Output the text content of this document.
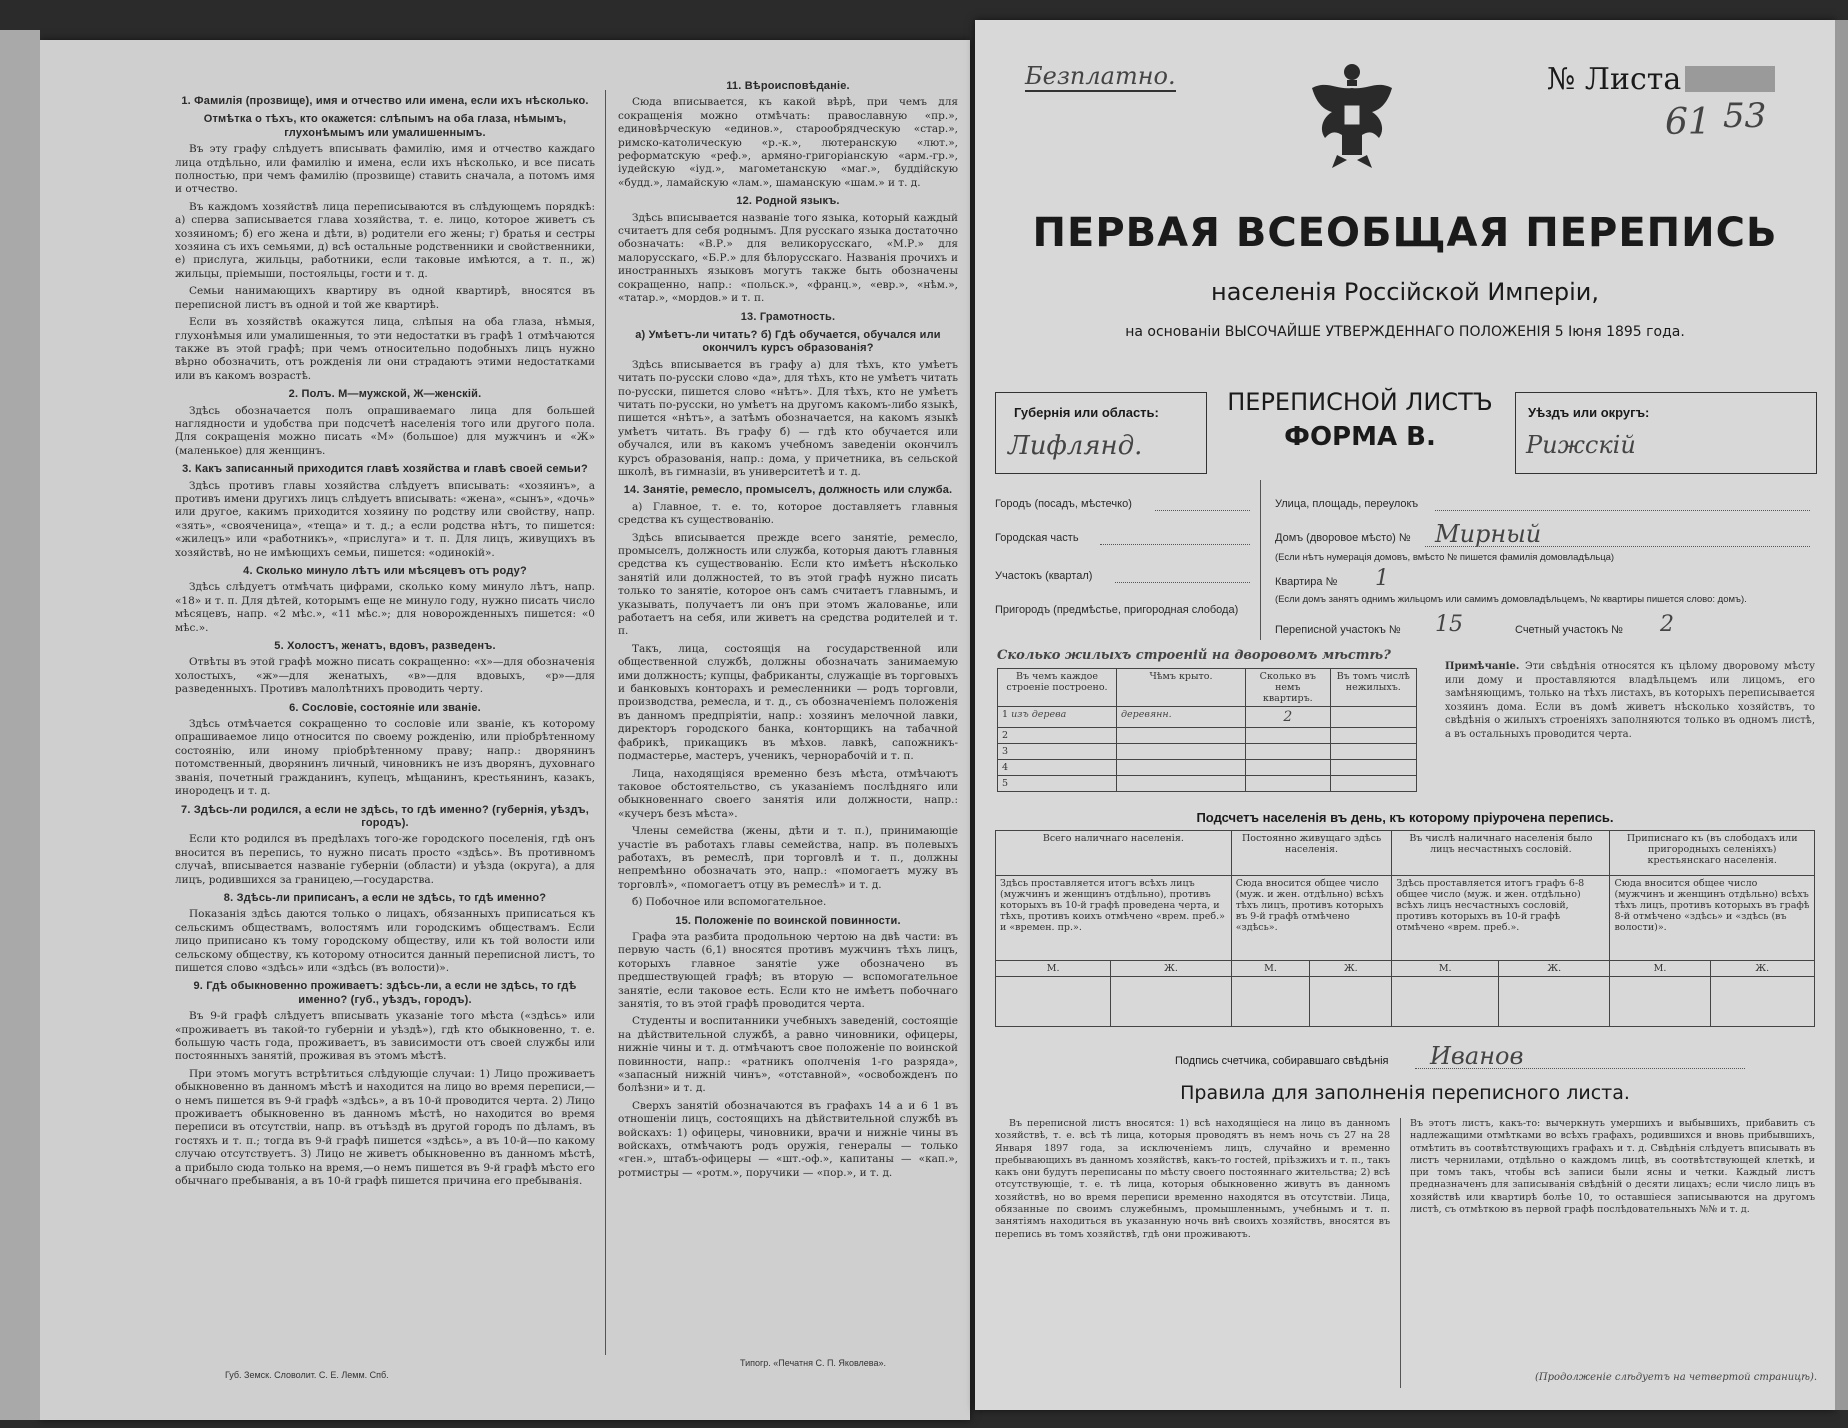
1. Фамилія (прозвище), имя и отчество или имена, если ихъ нѣсколько.
Отмѣтка о тѣхъ, кто окажется: слѣпымъ на оба глаза, нѣмымъ, глухонѣмымъ или умалишеннымъ.

Въ эту графу слѣдуетъ вписывать фамилію, имя и отчество каждаго лица отдѣльно, или фамилію и имена, если ихъ нѣсколько, и все писать полностью, при чемъ фамилію (прозвище) ставить сначала, а потомъ имя и отчество.

Въ каждомъ хозяйствѣ лица переписываются въ слѣдующемъ порядкѣ: а) сперва записывается глава хозяйства, т. е. лицо, которое живетъ съ хозяиномъ; б) его жена и дѣти, в) родители его жены; г) братья и сестры хозяина съ ихъ семьями, д) всѣ остальные родственники и свойственники, е) прислуга, жильцы, работники, если таковые имѣются, а т. п., ж) жильцы, пріемыши, постояльцы, гости и т. д.

Семьи нанимающихъ квартиру въ одной квартирѣ, вносятся въ переписной листъ въ одной и той же квартирѣ.

Если въ хозяйствѣ окажутся лица, слѣпыя на оба глаза, нѣмыя, глухонѣмыя или умалишенныя, то эти недостатки въ графѣ 1 отмѣчаются также въ этой графѣ; при чемъ относительно подобныхъ лицъ нужно вѣрно обозначить, отъ рожденія ли они страдаютъ этими недостатками или въ какомъ возрастѣ.

2. Полъ. М—мужской, Ж—женскій.

Здѣсь обозначается полъ опрашиваемаго лица для большей наглядности и удобства при подсчетѣ населенія того или другого пола. Для сокращенія можно писать «М» (большое) для мужчинъ и «Ж» (маленькое) для женщинъ.

3. Какъ записанный приходится главѣ хозяйства и главѣ своей семьи?

Здѣсь противъ главы хозяйства слѣдуетъ вписывать: «хозяинъ», а противъ имени другихъ лицъ слѣдуетъ вписывать: «жена», «сынъ», «дочь» или другое, какимъ приходится хозяину по родству или свойству, напр. «зять», «свояченица», «теща» и т. д.; а если родства нѣтъ, то пишется: «жилецъ» или «работникъ», «прислуга» и т. п. Для лицъ, живущихъ въ хозяйствѣ, но не имѣющихъ семьи, пишется: «одинокій».

4. Сколько минуло лѣтъ или мѣсяцевъ отъ роду?

Здѣсь слѣдуетъ отмѣчать цифрами, сколько кому минуло лѣтъ, напр. «18» и т. п. Для дѣтей, которымъ еще не минуло году, нужно писать число мѣсяцевъ, напр. «2 мѣс.», «11 мѣс.»; для новорожденныхъ пишется: «0 мѣс.».

5. Холостъ, женатъ, вдовъ, разведенъ.

Отвѣты въ этой графѣ можно писать сокращенно: «х»—для обозначенія холостыхъ, «ж»—для женатыхъ, «в»—для вдовыхъ, «р»—для разведенныхъ. Противъ малолѣтнихъ проводить черту.

6. Сословіе, состояніе или званіе.

Здѣсь отмѣчается сокращенно то сословіе или званіе, къ которому опрашиваемое лицо относится по своему рожденію, или пріобрѣтенному состоянію, или иному пріобрѣтенному праву; напр.: дворянинъ потомственный, дворянинъ личный, чиновникъ не изъ дворянъ, духовнаго званія, почетный гражданинъ, купецъ, мѣщанинъ, крестьянинъ, казакъ, инородецъ и т. д.

7. Здѣсь-ли родился, а если не здѣсь, то гдѣ именно? (губернія, уѣздъ, городъ).

Если кто родился въ предѣлахъ того-же городского поселенія, гдѣ онъ вносится въ перепись, то нужно писать просто «здѣсь». Въ противномъ случаѣ, вписывается названіе губерніи (области) и уѣзда (округа), а для лицъ, родившихся за границею,—государства.

8. Здѣсь-ли приписанъ, а если не здѣсь, то гдѣ именно?

Показанія здѣсь даются только о лицахъ, обязанныхъ приписаться къ сельскимъ обществамъ, волостямъ или городскимъ обществамъ. Если лицо приписано къ тому городскому обществу, или къ той волости или сельскому обществу, къ которому относится данный переписной листъ, то пишется слово «здѣсь» или «здѣсь (въ волости)».

9. Гдѣ обыкновенно проживаетъ: здѣсь-ли, а если не здѣсь, то гдѣ именно? (губ., уѣздъ, городъ).

Въ 9-й графѣ слѣдуетъ вписывать указаніе того мѣста («здѣсь» или «проживаетъ въ такой-то губерніи и уѣздѣ»), гдѣ кто обыкновенно, т. е. большую часть года, проживаетъ, въ зависимости отъ своей службы или постоянныхъ занятій, проживая въ этомъ мѣстѣ.

При этомъ могутъ встрѣтиться слѣдующіе случаи: 1) Лицо проживаетъ обыкновенно въ данномъ мѣстѣ и находится на лицо во время переписи,—о немъ пишется въ 9-й графѣ «здѣсь», а въ 10-й проводится черта. 2) Лицо проживаетъ обыкновенно въ данномъ мѣстѣ, но находится во время переписи въ отсутствіи, напр. въ отъѣздѣ въ другой городъ по дѣламъ, въ гостяхъ и т. п.; тогда въ 9-й графѣ пишется «здѣсь», а въ 10-й—по какому случаю отсутствуетъ. 3) Лицо не живетъ обыкновенно въ данномъ мѣстѣ, а прибыло сюда только на время,—о немъ пишется въ 9-й графѣ мѣсто его обычнаго пребыванія, а въ 10-й графѣ пишется причина его пребыванія.

11. Вѣроисповѣданіе.

Сюда вписывается, къ какой вѣрѣ, при чемъ для сокращенія можно отмѣчать: православную «пр.», единовѣрческую «единов.», старообрядческую «стар.», римско-католическую «р.-к.», лютеранскую «лют.», реформатскую «реф.», армяно-григоріанскую «арм.-гр.», іудейскую «іуд.», магометанскую «маг.», буддійскую «будд.», ламайскую «лам.», шаманскую «шам.» и т. д.

12. Родной языкъ.

Здѣсь вписывается названіе того языка, который каждый считаетъ для себя роднымъ. Для русскаго языка достаточно обозначать: «В.Р.» для великорусскаго, «М.Р.» для малорусскаго, «Б.Р.» для бѣлорусскаго. Названія прочихъ и иностранныхъ языковъ могутъ также быть обозначены сокращенно, напр.: «польск.», «франц.», «евр.», «нѣм.», «татар.», «мордов.» и т. п.

13. Грамотность.
а) Умѣетъ-ли читать? б) Гдѣ обучается, обучался или окончилъ курсъ образованія?

Здѣсь вписывается въ графу а) для тѣхъ, кто умѣетъ читать по-русски слово «да», для тѣхъ, кто не умѣетъ читать по-русски, пишется слово «нѣтъ». Для тѣхъ, кто не умѣетъ читать по-русски, но умѣетъ на другомъ какомъ-либо языкѣ, пишется «нѣтъ», а затѣмъ обозначается, на какомъ языкѣ умѣетъ читать. Въ графу б) — гдѣ кто обучается или обучался, или въ какомъ учебномъ заведеніи окончилъ курсъ образованія, напр.: дома, у причетника, въ сельской школѣ, въ гимназіи, въ университетѣ и т. д.

14. Занятіе, ремесло, промыселъ, должность или служба.

а) Главное, т. е. то, которое доставляетъ главныя средства къ существованію.

Здѣсь вписывается прежде всего занятіе, ремесло, промыселъ, должность или служба, которыя даютъ главныя средства къ существованію. Если кто имѣетъ нѣсколько занятій или должностей, то въ этой графѣ нужно писать только то занятіе, которое онъ самъ считаетъ главнымъ, и указывать, получаетъ ли онъ при этомъ жалованье, или работаетъ на себя, или живетъ на средства родителей и т. п.

Такъ, лица, состоящія на государственной или общественной службѣ, должны обозначать занимаемую ими должность; купцы, фабриканты, служащіе въ торговыхъ и банковыхъ конторахъ и ремесленники — родъ торговли, производства, ремесла, и т. д., съ обозначеніемъ положенія въ данномъ предпріятіи, напр.: хозяинъ мелочной лавки, директоръ городского банка, конторщикъ на табачной фабрикѣ, прикащикъ въ мѣхов. лавкѣ, сапожникъ-подмастерье, мастеръ, ученикъ, чернорабочій и т. п.

Лица, находящіяся временно безъ мѣста, отмѣчаютъ таковое обстоятельство, съ указаніемъ послѣдняго или обыкновеннаго своего занятія или должности, напр.: «кучеръ безъ мѣста».

Члены семейства (жены, дѣти и т. п.), принимающіе участіе въ работахъ главы семейства, напр. въ полевыхъ работахъ, въ ремеслѣ, при торговлѣ и т. п., должны непремѣнно обозначать это, напр.: «помогаетъ мужу въ торговлѣ», «помогаетъ отцу въ ремеслѣ» и т. д.

б) Побочное или вспомогательное.

15. Положеніе по воинской повинности.

Графа эта разбита продольною чертою на двѣ части: въ первую часть (6,1) вносятся противъ мужчинъ тѣхъ лицъ, которыхъ главное занятіе уже обозначено въ предшествующей графѣ; въ вторую — вспомогательное занятіе, если таковое есть. Если кто не имѣетъ побочнаго занятія, то въ этой графѣ проводится черта.

Студенты и воспитанники учебныхъ заведеній, состоящіе на дѣйствительной службѣ, а равно чиновники, офицеры, нижніе чины и т. д. отмѣчаютъ свое положеніе по воинской повинности, напр.: «ратникъ ополченія 1-го разряда», «запасный нижній чинъ», «отставной», «освобожденъ по болѣзни» и т. д.

Сверхъ занятій обозначаются въ графахъ 14 а и 6 1 въ отношеніи лицъ, состоящихъ на дѣйствительной службѣ въ войскахъ: 1) офицеры, чиновники, врачи и нижніе чины въ войскахъ, отмѣчаютъ родъ оружія, генералы — только «ген.», штабъ-офицеры — «шт.-оф.», капитаны — «кап.», ротмистры — «ротм.», поручики — «пор.», и т. д.

Губ. Земск. Словолит. С. Е. Лемм. Спб.
Типогр. «Печатня С. П. Яковлева».
Безплатно.	№ Листа
61 53
ПЕРВАЯ ВСЕОБЩАЯ ПЕРЕПИСЬ
населенія Россійской Имперіи,
на основаніи ВЫСОЧАЙШЕ УТВЕРЖДЕННАГО ПОЛОЖЕНІЯ 5 Іюня 1895 года.
Губернія или область:
Лифлянд.
ПЕРЕПИСНОЙ ЛИСТЪ
ФОРМА В.
Уѣздъ или округъ:
Рижскій
Городъ (посадъ, мѣстечко)
Городская часть
Участокъ (квартал)
Пригородъ (предмѣстье, пригородная слобода)
Улица, площадь, переулокъ
Домъ (дворовое мѣсто) № Мирный
(Если нѣтъ нумерація домовъ, вмѣсто № пишется фамилія домовладѣльца)
Квартира № 1
(Если домъ занятъ однимъ жильцомъ или самимъ домовладѣльцемъ, № квартиры пишется слово: домъ).
Переписной участокъ № 15	Счетный участокъ № 2
Сколько жилыхъ строеній на дворовомъ мѣстѣ?
Въ чемъ каждое строеніе построено.	Чѣмъ крыто.	Сколько въ немъ квартиръ.	Въ томъ числѣ нежилыхъ.
1 изъ дерева	деревянн.	2	
2			
3			
4			
5			
Примѣчаніе. Эти свѣдѣнія относятся къ цѣлому дворовому мѣсту или дому и проставляются владѣльцемъ или лицомъ, его замѣняющимъ, только на тѣхъ листахъ, въ которыхъ переписывается хозяинъ дома. Если въ домѣ живетъ нѣсколько хозяйствъ, то свѣдѣнія о жилыхъ строеніяхъ заполняются только въ одномъ листѣ, а въ остальныхъ проводится черта.
Подсчетъ населенія въ день, къ которому пріурочена перепись.
Всего наличнаго населенія.		Постоянно живущаго здѣсь населенія.		Въ числѣ наличнаго населенія было лицъ несчастныхъ сословій.		Приписнаго къ (въ слободахъ или пригородныхъ селеніяхъ) крестьянскаго населенія.	
Здѣсь проставляется итогъ всѣхъ лицъ (мужчинъ и женщинъ отдѣльно), противъ которыхъ въ 10-й графѣ проведена черта, и тѣхъ, противъ коихъ отмѣчено «врем. преб.» и «времен. пр.».		Сюда вносится общее число (муж. и жен. отдѣльно) всѣхъ тѣхъ лицъ, противъ которыхъ въ 9-й графѣ отмѣчено «здѣсь».		Здѣсь проставляется итогъ графъ 6-8 общее число (муж. и жен. отдѣльно) всѣхъ лицъ несчастныхъ сословій, противъ которыхъ въ 10-й графѣ отмѣчено «врем. преб.».		Сюда вносится общее число (мужчинъ и женщинъ отдѣльно) всѣхъ тѣхъ лицъ, противъ которыхъ въ графѣ 8-й отмѣчено «здѣсь» и «здѣсь (въ волости)».	
М.	Ж.	М.	Ж.	М.	Ж.	М.	Ж.

Подпись счетчика, собиравшаго свѣдѣнія Иванов
Правила для заполненія переписного листа.
Въ переписной листъ вносятся: 1) всѣ находящіеся на лицо въ данномъ хозяйствѣ, т. е. всѣ тѣ лица, которыя проводятъ въ немъ ночь съ 27 на 28 Января 1897 года, за исключеніемъ лицъ, случайно и временно пребывающихъ въ данномъ хозяйствѣ, какъ-то гостей, пріѣзжихъ и т. п., такъ какъ они будутъ переписаны по мѣсту своего постояннаго жительства; 2) всѣ отсутствующіе, т. е. тѣ лица, которыя обыкновенно живутъ въ данномъ хозяйствѣ, но во время переписи временно находятся въ отсутствіи. Лица, обязанные по своимъ служебнымъ, промышленнымъ, учебнымъ и т. п. занятіямъ находиться въ указанную ночь внѣ своихъ хозяйствъ, вносятся въ перепись въ томъ хозяйствѣ, гдѣ они проживаютъ.
Въ этотъ листъ, какъ-то: вычеркнуть умершихъ и выбывшихъ, прибавить съ надлежащими отмѣтками во всѣхъ графахъ, родившихся и вновь прибывшихъ, отмѣтить въ соотвѣтствующихъ графахъ и т. д. Свѣдѣнія слѣдуетъ вписывать въ листъ чернилами, отдѣльно о каждомъ лицѣ, въ соотвѣтствующей клеткѣ, и при томъ такъ, чтобы всѣ записи были ясны и четки. Каждый листъ предназначенъ для записыванія свѣдѣній о десяти лицахъ; если число лицъ въ хозяйствѣ или квартирѣ болѣе 10, то оставшіеся записываются на другомъ листѣ, съ отмѣткою въ первой графѣ послѣдовательныхъ №№ и т. д.
(Продолженіе слѣдуетъ на четвертой страницѣ).
